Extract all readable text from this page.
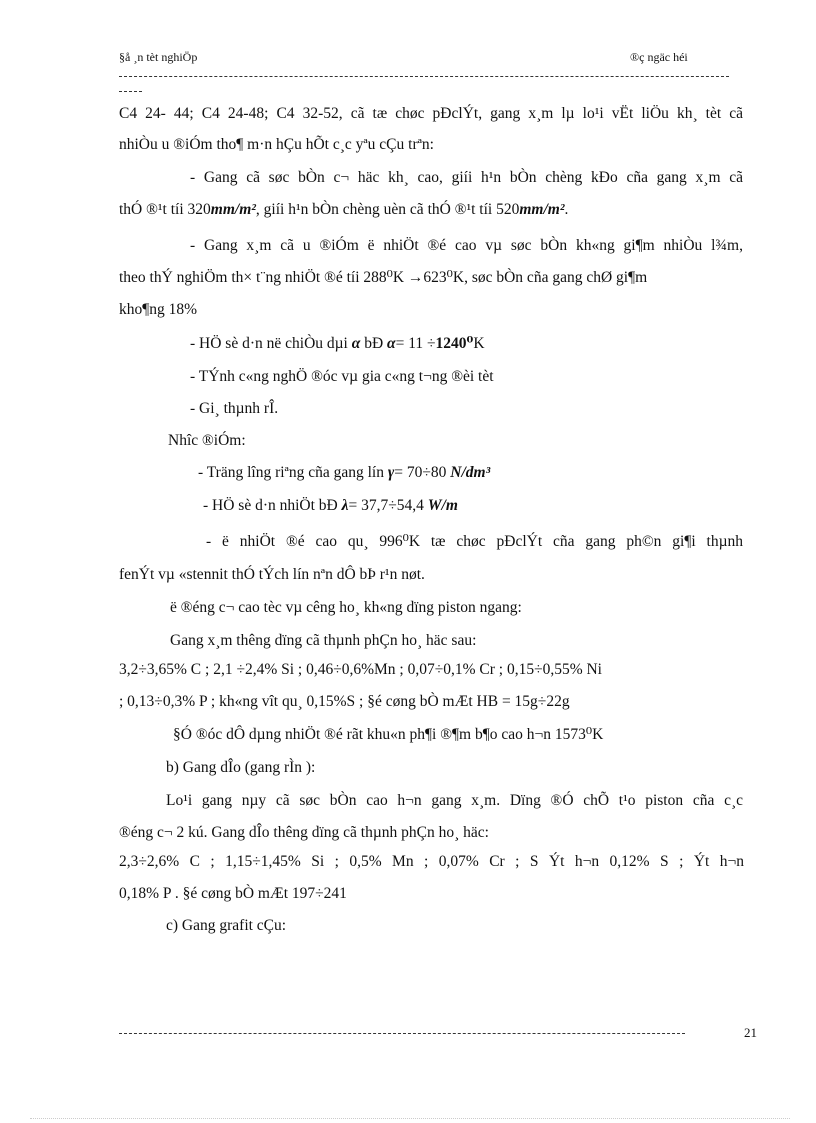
§å ¸n tèt nghiÖp	®ç ngäc héi
C4 24- 44; C4 24-48; C4 32-52, cã tæ chøc pÐclÝt, gang x¸m lµ lo¹i vËt liÖu kh¸ tèt cã
nhiÒu u ®iÓm tho¶ m·n hÇu hÕt c¸c yªu cÇu trªn:
- Gang cã søc bÒn c¬ häc kh¸ cao, giíi h¹n bÒn chèng kÐo cña gang x¸m cã
thÓ ®¹t tíi 320mm/m², giíi h¹n bÒn chèng uèn cã thÓ ®¹t tíi 520mm/m².
- Gang x¸m cã u ®iÓm ë nhiÖt ®é cao vµ søc bÒn kh«ng gi¶m nhiÒu l¾m,
theo thÝ nghiÖm th× t¨ng nhiÖt ®é tíi 288⁰K →623⁰K, søc bÒn cña gang chØ gi¶m
kho¶ng 18%
- HÖ sè d·n në chiÒu dµi α bÐ α= 11 ÷1240⁰K
- TÝnh c«ng nghÖ ®óc vµ gia c«ng t¬ng ®èi tèt
- Gi¸ thµnh rÎ.
Nhîc ®iÓm:
- Träng lîng riªng cña gang lín γ= 70÷80 N/dm³
- HÖ sè d·n nhiÖt bÐ λ= 37,7÷54,4 W/m
- ë nhiÖt ®é cao qu¸ 996⁰K tæ chøc pÐclÝt cña gang ph©n gi¶i thµnh
fenÝt vµ «stennit thÓ tÝch lín nªn dÔ bÞ r¹n nøt.
ë ®éng c¬ cao tèc vµ cêng ho¸ kh«ng dïng piston ngang:
Gang x¸m thêng dïng cã thµnh phÇn ho¸ häc sau:
3,2÷3,65% C ; 2,1 ÷2,4% Si ; 0,46÷0,6%Mn ; 0,07÷0,1% Cr ; 0,15÷0,55% Ni
; 0,13÷0,3% P ; kh«ng vît qu¸ 0,15%S ; §é cøng bÒ mÆt HB = 15g÷22g
§Ó ®óc dÔ dµng nhiÖt ®é rãt khu«n ph¶i ®¶m b¶o cao h¬n 1573⁰K
b) Gang dÎo (gang rÌn ):
Lo¹i gang nµy cã søc bÒn cao h¬n gang x¸m. Dïng ®Ó chÕ t¹o piston cña c¸c
®éng c¬ 2 kú. Gang dÎo thêng dïng cã thµnh phÇn ho¸ häc:
2,3÷2,6% C ; 1,15÷1,45% Si ; 0,5% Mn ; 0,07% Cr ; S Ýt h¬n 0,12% S ; Ýt h¬n
0,18% P . §é cøng bÒ mÆt 197÷241
c) Gang grafit cÇu:
21
